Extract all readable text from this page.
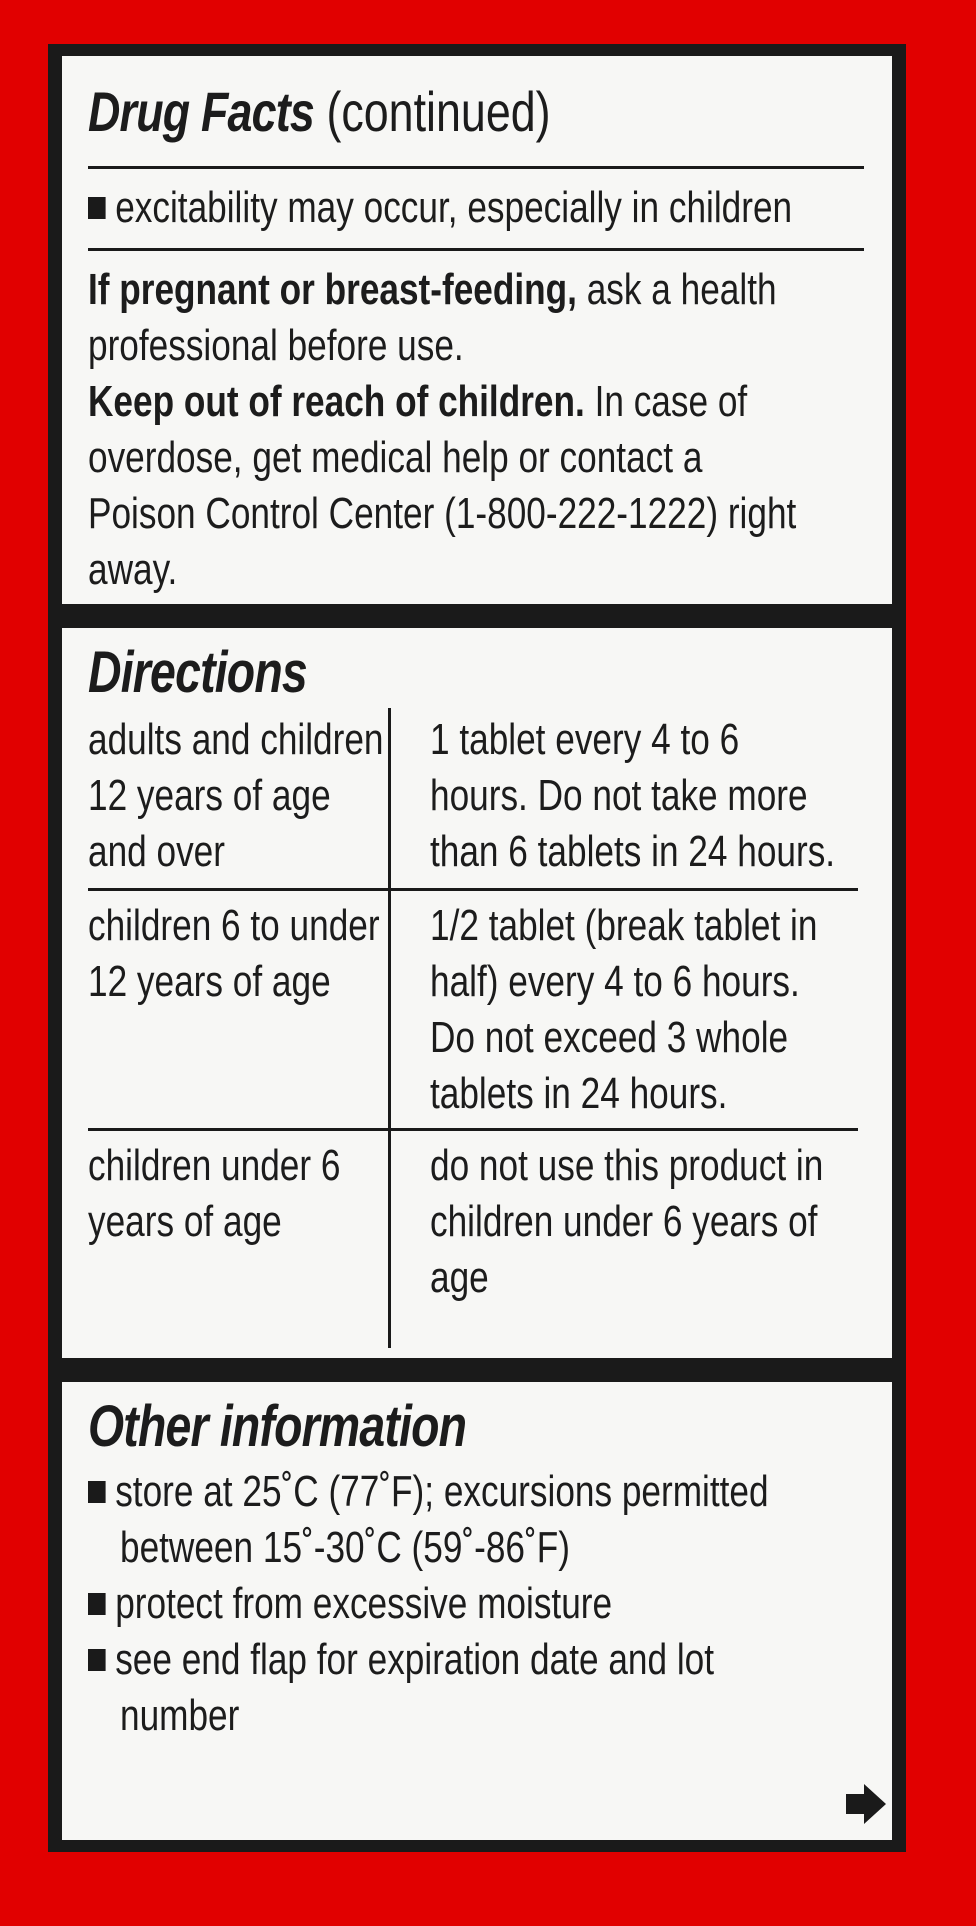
Drug Facts (continued)
excitability may occur, especially in children
If pregnant or breast-feeding, ask a health
professional before use.
Keep out of reach of children. In case of
overdose, get medical help or contact a
Poison Control Center (1-800-222-1222) right
away.
Directions
adults and children
12 years of age
and over
1 tablet every 4 to 6
hours. Do not take more
than 6 tablets in 24 hours.
children 6 to under
12 years of age
1/2 tablet (break tablet in
half) every 4 to 6 hours.
Do not exceed 3 whole
tablets in 24 hours.
children under 6
years of age
do not use this product in
children under 6 years of
age
Other information
store at 25˚C (77˚F); excursions permitted
between 15˚-30˚C (59˚-86˚F)
protect from excessive moisture
see end flap for expiration date and lot
number
